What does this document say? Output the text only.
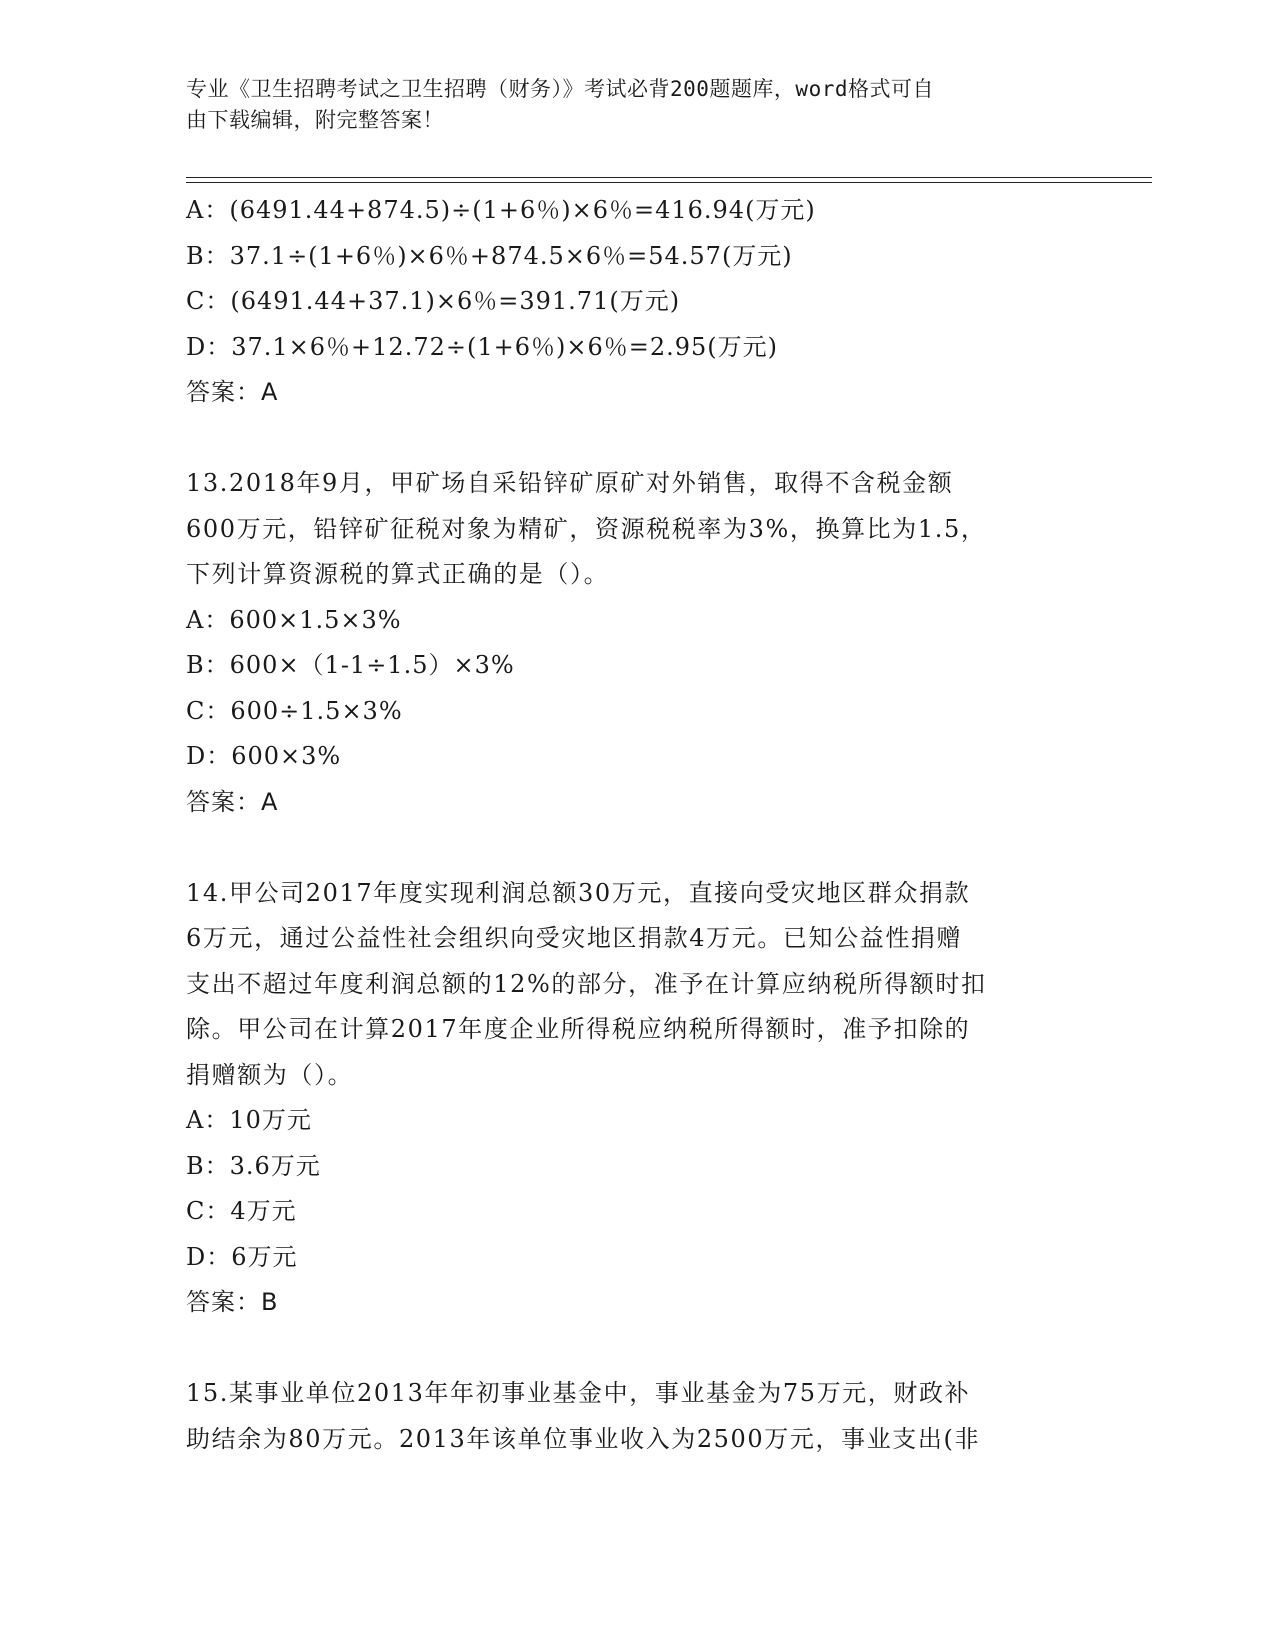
专业《卫生招聘考试之卫生招聘（财务）》考试必背200题题库，word格式可自
由下载编辑，附完整答案！
A：(6491.44+874.5)÷(1+6％)×6％=416.94(万元)
B：37.1÷(1+6％)×6％+874.5×6％=54.57(万元)
C：(6491.44+37.1)×6％=391.71(万元)
D：37.1×6％+12.72÷(1+6％)×6％=2.95(万元)
答案：A
13.2018年9月，甲矿场自采铅锌矿原矿对外销售，取得不含税金额
600万元，铅锌矿征税对象为精矿，资源税税率为3%，换算比为1.5，
下列计算资源税的算式正确的是（）。
A：600×1.5×3%
B：600×（1-1÷1.5）×3%
C：600÷1.5×3%
D：600×3%
答案：A
14.甲公司2017年度实现利润总额30万元，直接向受灾地区群众捐款
6万元，通过公益性社会组织向受灾地区捐款4万元。已知公益性捐赠
支出不超过年度利润总额的12%的部分，准予在计算应纳税所得额时扣
除。甲公司在计算2017年度企业所得税应纳税所得额时，准予扣除的
捐赠额为（）。
A：10万元
B：3.6万元
C：4万元
D：6万元
答案：B
15.某事业单位2013年年初事业基金中，事业基金为75万元，财政补
助结余为80万元。2013年该单位事业收入为2500万元，事业支出(非
